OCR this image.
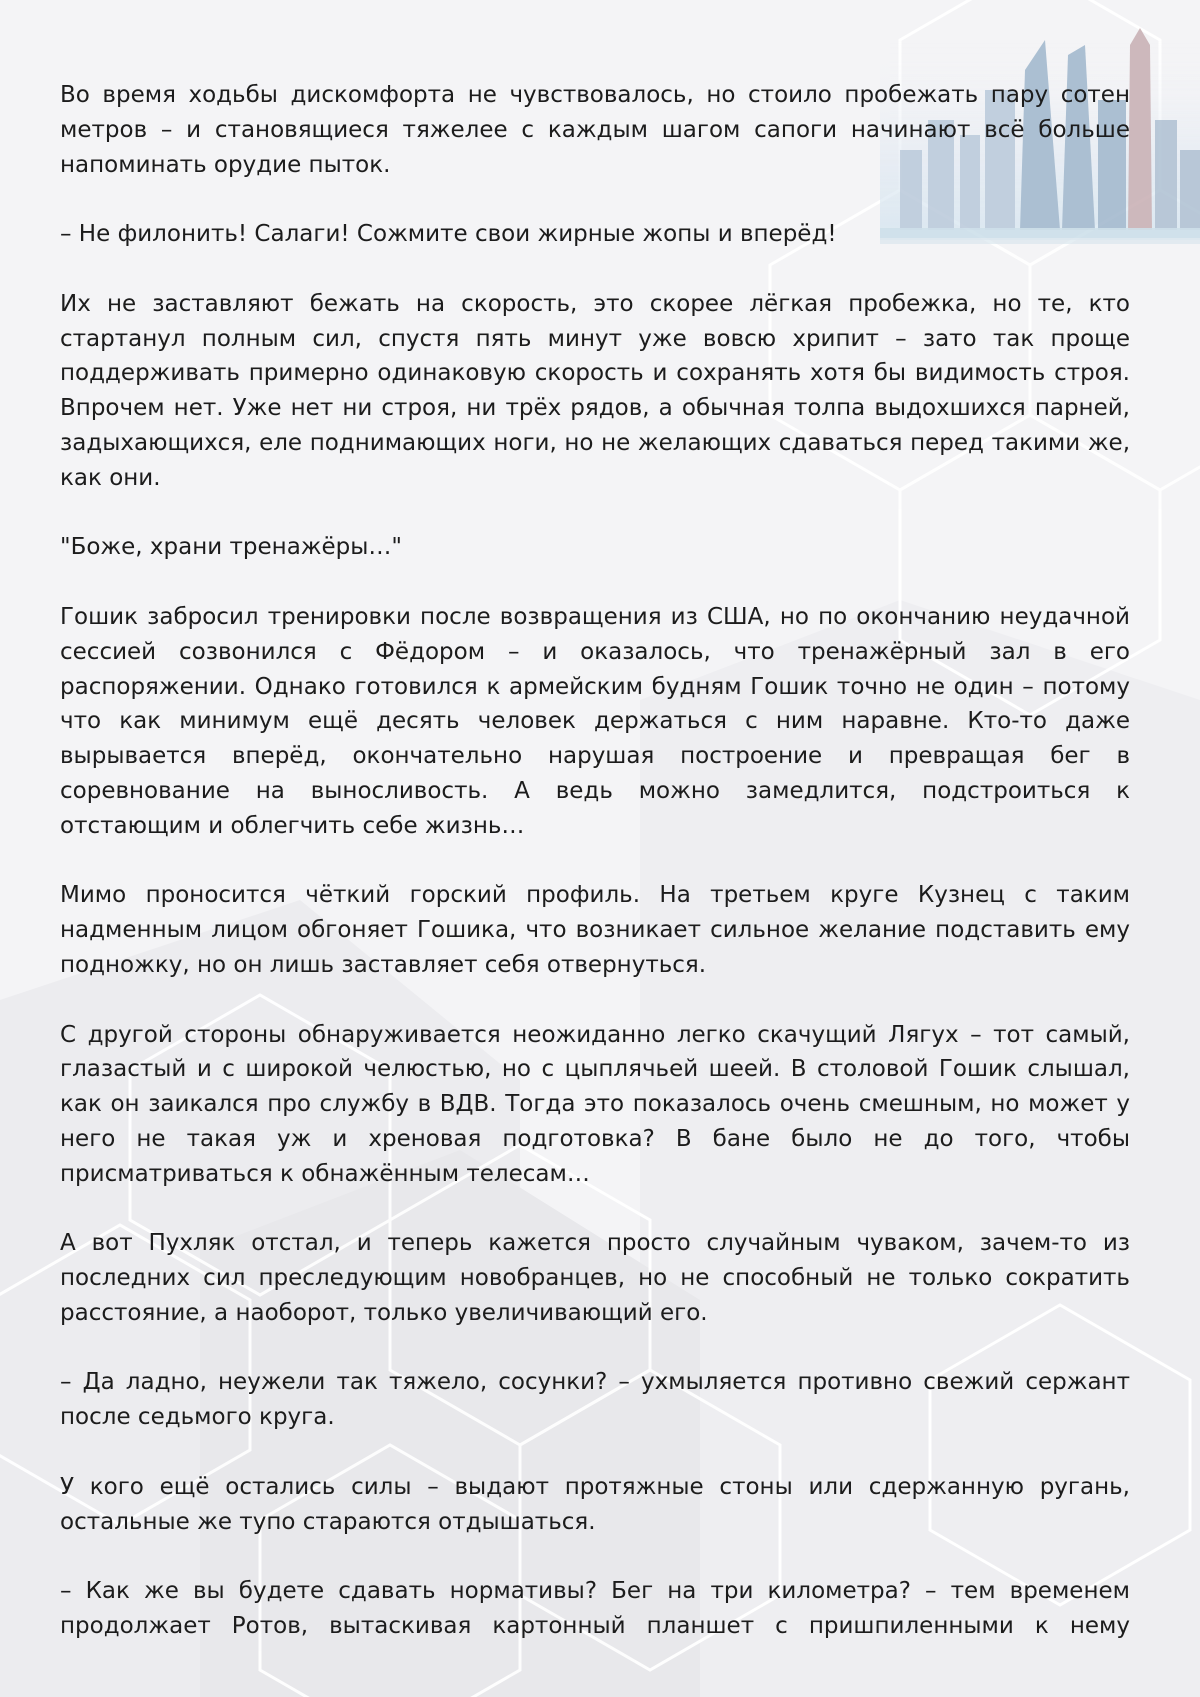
Во время ходьбы дискомфорта не чувствовалось, но стоило пробежать пару сотен метров – и становящиеся тяжелее с каждым шагом сапоги начинают всё больше напоминать орудие пыток.

– Не филонить! Салаги! Сожмите свои жирные жопы и вперёд!

Их не заставляют бежать на скорость, это скорее лёгкая пробежка, но те, кто стартанул полным сил, спустя пять минут уже вовсю хрипит – зато так проще поддерживать примерно одинаковую скорость и сохранять хотя бы видимость строя. Впрочем нет. Уже нет ни строя, ни трёх рядов, а обычная толпа выдохшихся парней, задыхающихся, еле поднимающих ноги, но не желающих сдаваться перед такими же, как они.

"Боже, храни тренажёры…"

Гошик забросил тренировки после возвращения из США, но по окончанию неудачной сессией созвонился с Фёдором – и оказалось, что тренажёрный зал в его распоряжении. Однако готовился к армейским будням Гошик точно не один – потому что как минимум ещё десять человек держаться с ним наравне. Кто-то даже вырывается вперёд, окончательно нарушая построение и превращая бег в соревнование на выносливость. А ведь можно замедлится, подстроиться к отстающим и облегчить себе жизнь…

Мимо проносится чёткий горский профиль. На третьем круге Кузнец с таким надменным лицом обгоняет Гошика, что возникает сильное желание подставить ему подножку, но он лишь заставляет себя отвернуться.

С другой стороны обнаруживается неожиданно легко скачущий Лягух – тот самый, глазастый и с широкой челюстью, но с цыплячьей шеей. В столовой Гошик слышал, как он заикался про службу в ВДВ. Тогда это показалось очень смешным, но может у него не такая уж и хреновая подготовка? В бане было не до того, чтобы присматриваться к обнажённым телесам…

А вот Пухляк отстал, и теперь кажется просто случайным чуваком, зачем-то из последних сил преследующим новобранцев, но не способный не только сократить расстояние, а наоборот, только увеличивающий его.

– Да ладно, неужели так тяжело, сосунки? – ухмыляется противно свежий сержант после седьмого круга.

У кого ещё остались силы – выдают протяжные стоны или сдержанную ругань, остальные же тупо стараются отдышаться.

– Как же вы будете сдавать нормативы? Бег на три километра? – тем временем продолжает Ротов, вытаскивая картонный планшет с пришпиленными к нему
